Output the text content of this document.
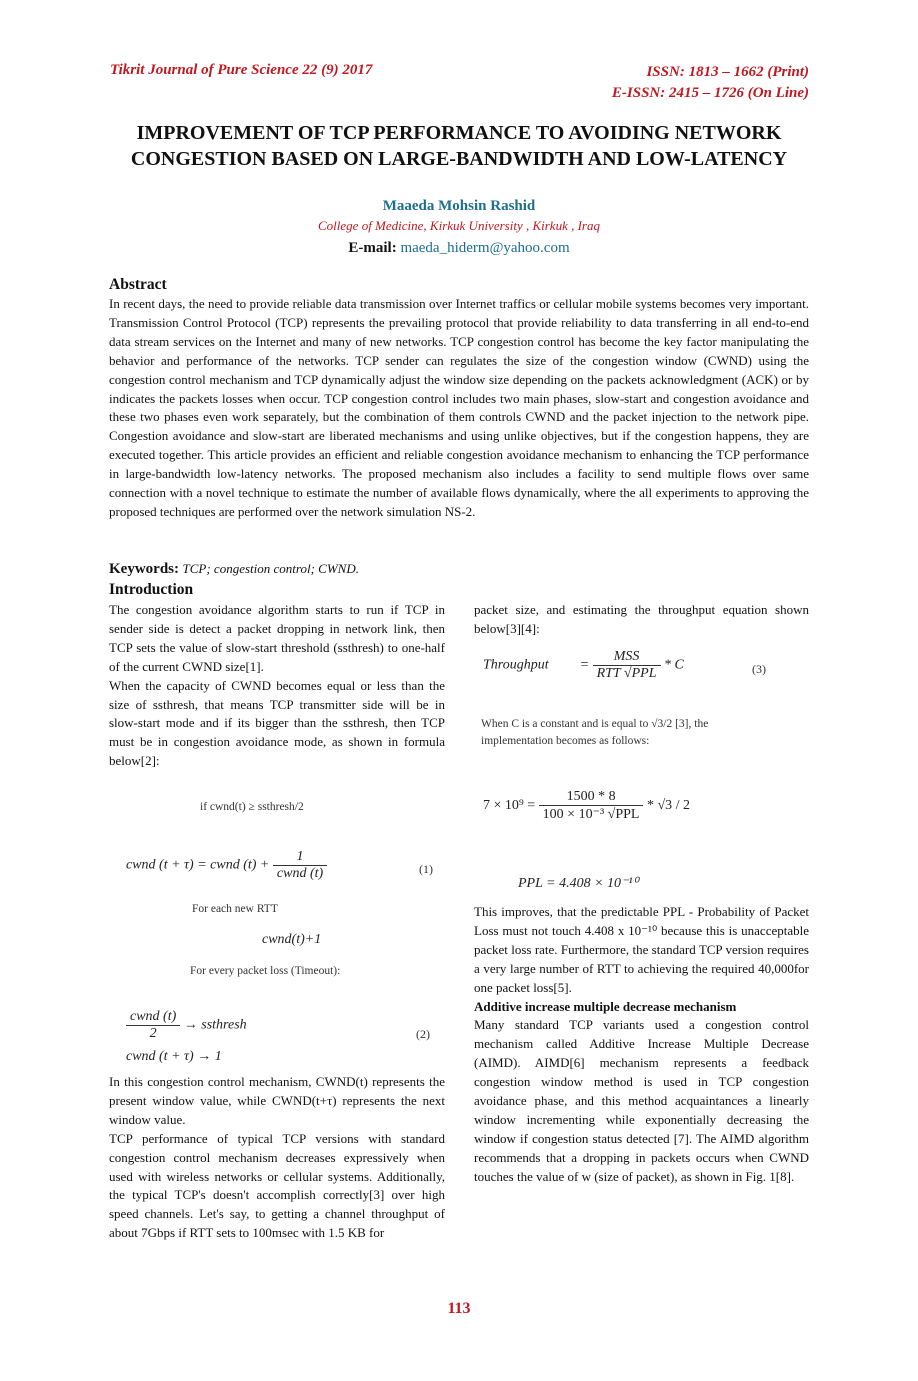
Tikrit Journal of Pure Science 22 (9) 2017	ISSN: 1813 – 1662 (Print)
E-ISSN: 2415 – 1726 (On Line)
IMPROVEMENT OF TCP PERFORMANCE TO AVOIDING NETWORK CONGESTION BASED ON LARGE-BANDWIDTH AND LOW-LATENCY
Maaeda Mohsin Rashid
College of Medicine, Kirkuk University , Kirkuk , Iraq
E-mail: maeda_hiderm@yahoo.com
Abstract
In recent days, the need to provide reliable data transmission over Internet traffics or cellular mobile systems becomes very important. Transmission Control Protocol (TCP) represents the prevailing protocol that provide reliability to data transferring in all end-to-end data stream services on the Internet and many of new networks. TCP congestion control has become the key factor manipulating the behavior and performance of the networks. TCP sender can regulates the size of the congestion window (CWND) using the congestion control mechanism and TCP dynamically adjust the window size depending on the packets acknowledgment (ACK) or by indicates the packets losses when occur. TCP congestion control includes two main phases, slow-start and congestion avoidance and these two phases even work separately, but the combination of them controls CWND and the packet injection to the network pipe. Congestion avoidance and slow-start are liberated mechanisms and using unlike objectives, but if the congestion happens, they are executed together. This article provides an efficient and reliable congestion avoidance mechanism to enhancing the TCP performance in large-bandwidth low-latency networks. The proposed mechanism also includes a facility to send multiple flows over same connection with a novel technique to estimate the number of available flows dynamically, where the all experiments to approving the proposed techniques are performed over the network simulation NS-2.
Keywords: TCP; congestion control; CWND.
Introduction

The congestion avoidance algorithm starts to run if TCP in sender side is detect a packet dropping in network link, then TCP sets the value of slow-start threshold (ssthresh) to one-half of the current CWND size[1].

When the capacity of CWND becomes equal or less than the size of ssthresh, that means TCP transmitter side will be in slow-start mode and if its bigger than the ssthresh, then TCP must be in congestion avoidance mode, as shown in formula below[2]:

if cwnd(t) ≥ ssthresh/2
cwnd (t + τ) = cwnd $(t) + \frac{1}{\text{cwnd (t)}}$	(1)
For each new RTT
cwnd(t)+1
For every packet loss (Timeout):
$\frac{\text{cwnd (t)}}{2}$ → ssthresh
(2)
cwnd (t + τ) → 1

In this congestion control mechanism, CWND(t) represents the present window value, while CWND(t+τ) represents the next window value.

TCP performance of typical TCP versions with standard congestion control mechanism decreases expressively when used with wireless networks or cellular systems. Additionally, the typical TCP's doesn't accomplish correctly[3] over high speed channels. Let's say, to getting a channel throughput of about 7Gbps if RTT sets to 100msec with 1.5 KB for

packet size, and estimating the throughput equation shown below[3][4]:

Throughput = $\frac{\text{MSS}}{\text{RTT √PPL}}$ * C	(3)
When C is a constant and is equal to √3/2 [3], the implementation becomes as follows:
$7 \times 10^9 = \frac{1500 * 8}{\text{100 × 10⁻³ √PPL}} * √3 / 2$
PPL = 4.408 × 10⁻¹⁰

This improves, that the predictable PPL - Probability of Packet Loss must not touch 4.408 x 10⁻¹⁰ because this is unacceptable packet loss rate. Furthermore, the standard TCP version requires a very large number of RTT to achieving the required 40,000for one packet loss[5].

Additive increase multiple decrease mechanism

Many standard TCP variants used a congestion control mechanism called Additive Increase Multiple Decrease (AIMD). AIMD[6] mechanism represents a feedback congestion window method is used in TCP congestion avoidance phase, and this method acquaintances a linearly window incrementing while exponentially decreasing the window if congestion status detected [7]. The AIMD algorithm recommends that a dropping in packets occurs when CWND touches the value of w (size of packet), as shown in Fig. 1[8].

113
